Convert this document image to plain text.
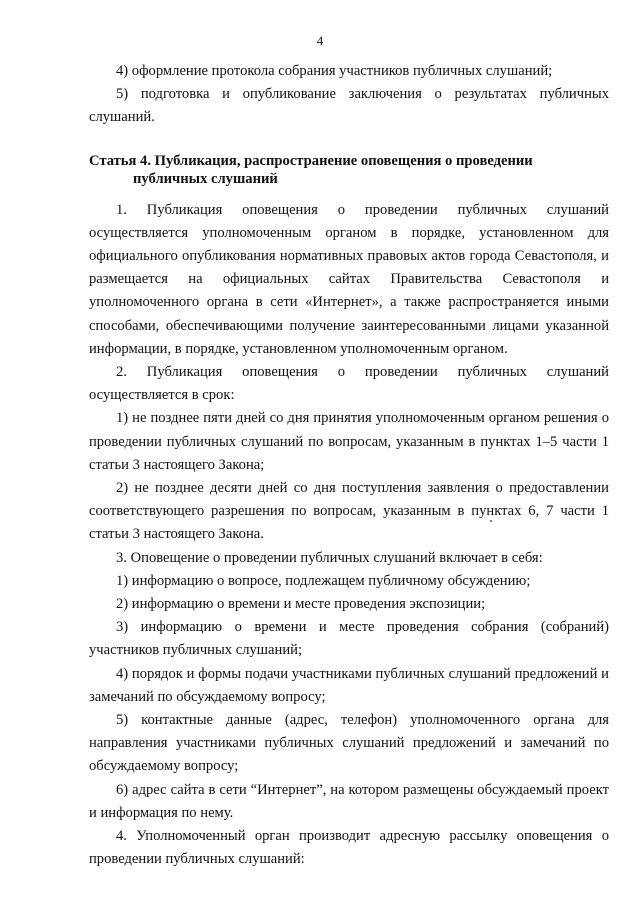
4

4) оформление протокола собрания участников публичных слушаний;

5) подготовка и опубликование заключения о результатах публичных слушаний.

Статья 4. Публикация, распространение оповещения о проведении
публичных слушаний

1. Публикация оповещения о проведении публичных слушаний осуществляется уполномоченным органом в порядке, установленном для официального опубликования нормативных правовых актов города Севастополя, и размещается на официальных сайтах Правительства Севастополя и уполномоченного органа в сети «Интернет», а также распространяется иными способами, обеспечивающими получение заинтересованными лицами указанной информации, в порядке, установленном уполномоченным органом.

2. Публикация оповещения о проведении публичных слушаний осуществляется в срок:

1) не позднее пяти дней со дня принятия уполномоченным органом решения о проведении публичных слушаний по вопросам, указанным в пунктах 1–5 части 1 статьи 3 настоящего Закона;

2) не позднее десяти дней со дня поступления заявления о предоставлении соответствующего разрешения по вопросам, указанным в пунктах 6, 7 части 1 статьи 3 настоящего Закона.

3. Оповещение о проведении публичных слушаний включает в себя:

1) информацию о вопросе, подлежащем публичному обсуждению;

2) информацию о времени и месте проведения экспозиции;

3) информацию о времени и месте проведения собрания (собраний) участников публичных слушаний;

4) порядок и формы подачи участниками публичных слушаний предложений и замечаний по обсуждаемому вопросу;

5) контактные данные (адрес, телефон) уполномоченного органа для направления участниками публичных слушаний предложений и замечаний по обсуждаемому вопросу;

6) адрес сайта в сети “Интернет”, на котором размещены обсуждаемый проект и информация по нему.

4. Уполномоченный орган производит адресную рассылку оповещения о проведении публичных слушаний:
